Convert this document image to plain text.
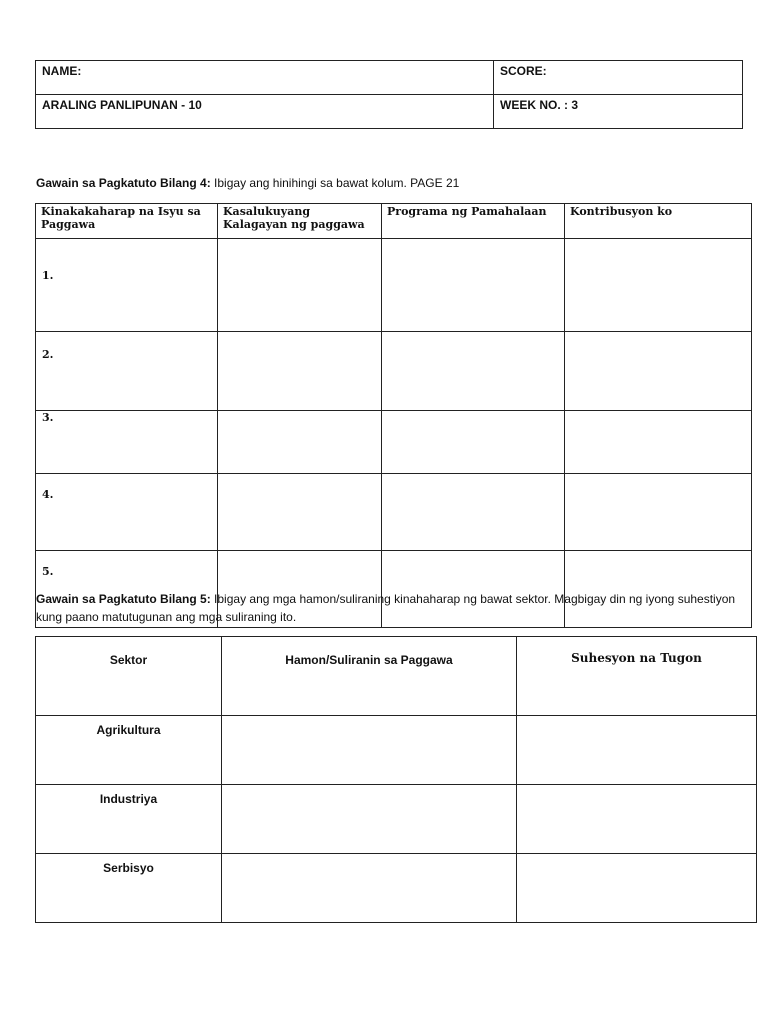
NAME:	SCORE:
ARALING PANLIPUNAN - 10	WEEK NO. : 3
Gawain sa Pagkatuto Bilang 4: Ibigay ang hinihingi sa bawat kolum. PAGE 21
Kinakakaharap na Isyu sa Paggawa	Kasalukuyang Kalagayan ng paggawa	Programa ng Pamahalaan	Kontribusyon ko
1.			
2.			
3.			
4.			
5.			
Gawain sa Pagkatuto Bilang 5: Ibigay ang mga hamon/suliraning kinahaharap ng bawat sektor. Magbigay din ng iyong suhestiyon kung paano matutugunan ang mga suliraning ito.
Sektor	Hamon/Suliranin sa Paggawa	Suhesyon na Tugon
Agrikultura		
Industriya		
Serbisyo		
